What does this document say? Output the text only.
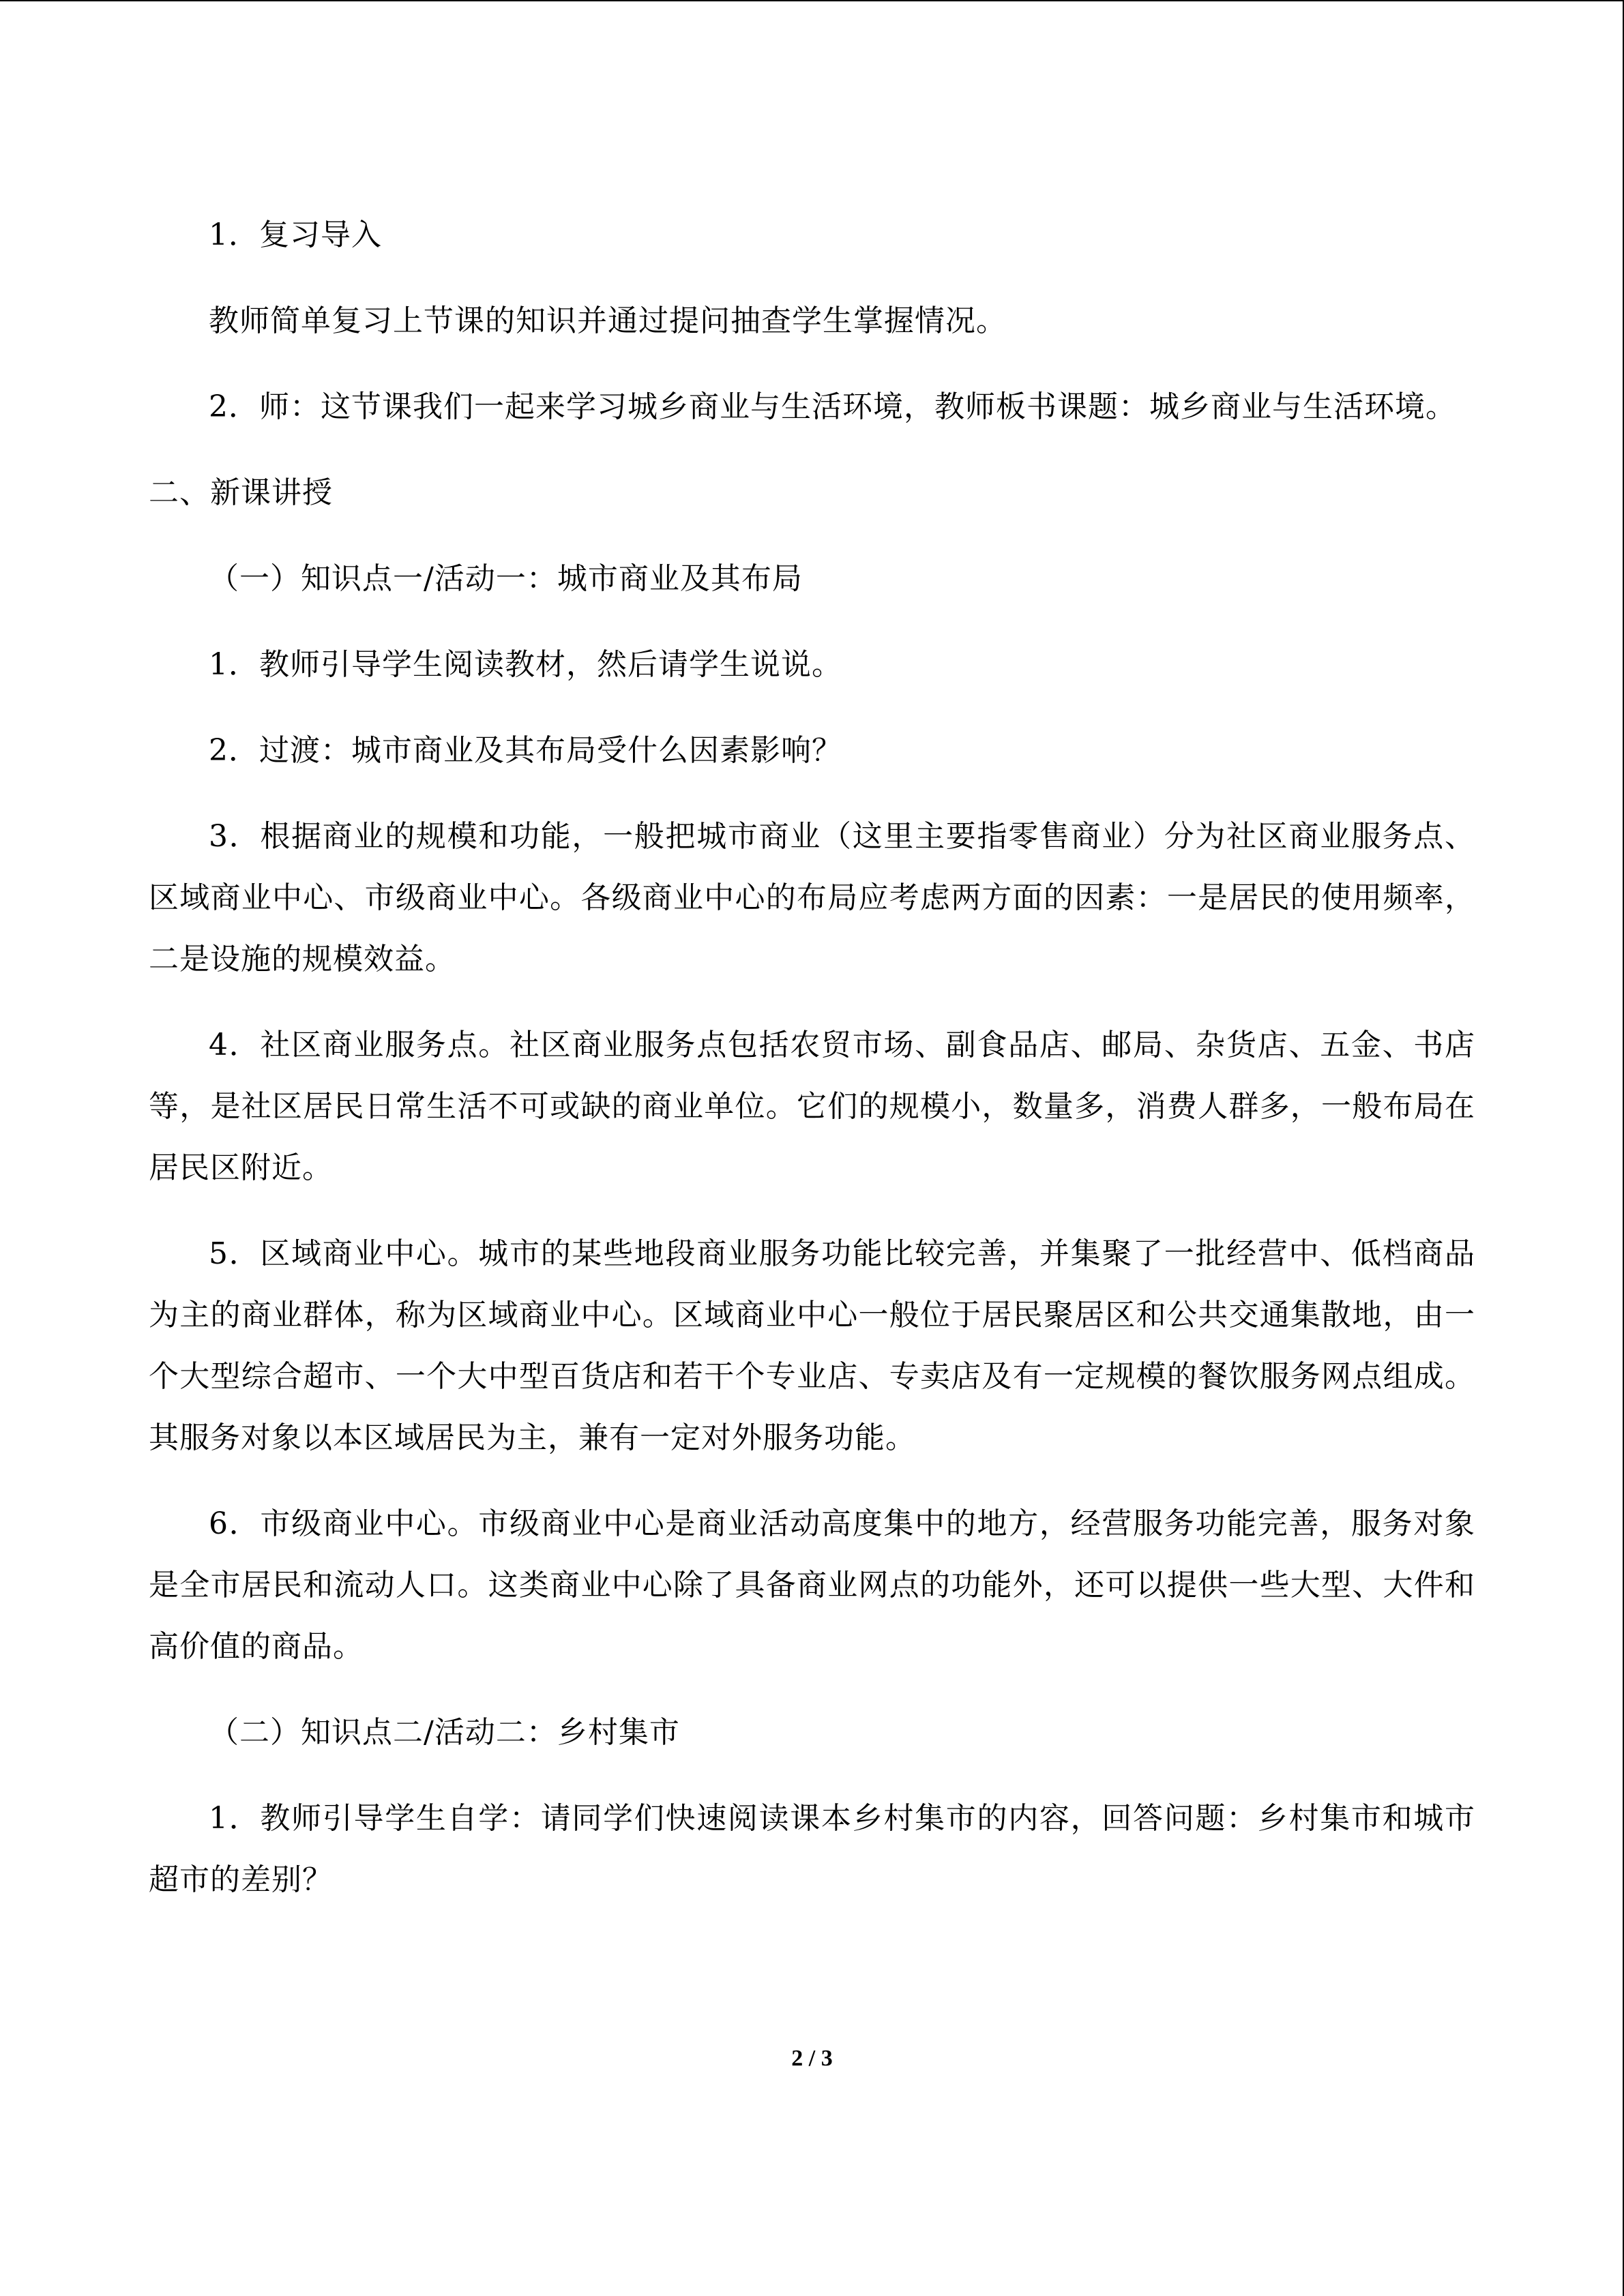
1．复习导入

教师简单复习上节课的知识并通过提问抽查学生掌握情况。

2．师：这节课我们一起来学习城乡商业与生活环境，教师板书课题：城乡商业与生活环境。

二、新课讲授

（一）知识点一/活动一：城市商业及其布局

1．教师引导学生阅读教材，然后请学生说说。

2．过渡：城市商业及其布局受什么因素影响？

3．根据商业的规模和功能，一般把城市商业（这里主要指零售商业）分为社区商业服务点、区域商业中心、市级商业中心。各级商业中心的布局应考虑两方面的因素：一是居民的使用频率，二是设施的规模效益。

4．社区商业服务点。社区商业服务点包括农贸市场、副食品店、邮局、杂货店、五金、书店等，是社区居民日常生活不可或缺的商业单位。它们的规模小，数量多，消费人群多，一般布局在居民区附近。

5．区域商业中心。城市的某些地段商业服务功能比较完善，并集聚了一批经营中、低档商品为主的商业群体，称为区域商业中心。区域商业中心一般位于居民聚居区和公共交通集散地，由一个大型综合超市、一个大中型百货店和若干个专业店、专卖店及有一定规模的餐饮服务网点组成。其服务对象以本区域居民为主，兼有一定对外服务功能。

6．市级商业中心。市级商业中心是商业活动高度集中的地方，经营服务功能完善，服务对象是全市居民和流动人口。这类商业中心除了具备商业网点的功能外，还可以提供一些大型、大件和高价值的商品。

（二）知识点二/活动二：乡村集市

1．教师引导学生自学：请同学们快速阅读课本乡村集市的内容，回答问题：乡村集市和城市超市的差别？

2 / 3
